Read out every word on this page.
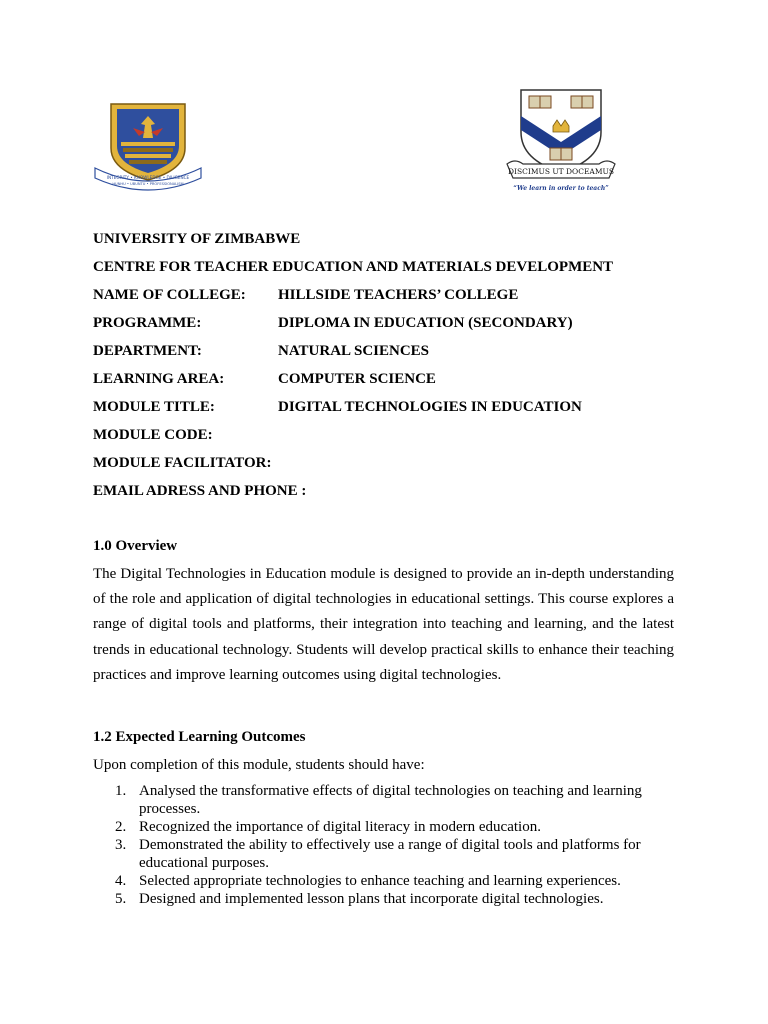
INTEGRITY • KNOWLEDGE • DILIGENCE
HUNHU • UBUNTU • PROFESSIONALISM
DISCIMUS UT DOCEAMUS
“We learn in order to teach”
UNIVERSITY OF ZIMBABWE
CENTRE FOR TEACHER EDUCATION AND MATERIALS DEVELOPMENT
NAME OF COLLEGE: HILLSIDE TEACHERS’ COLLEGE
PROGRAMME:	DIPLOMA IN EDUCATION (SECONDARY)
DEPARTMENT:	NATURAL SCIENCES
LEARNING AREA:	COMPUTER SCIENCE
MODULE TITLE:	DIGITAL TECHNOLOGIES IN EDUCATION
MODULE CODE:
MODULE FACILITATOR:
EMAIL ADRESS AND PHONE :
1.0 Overview

The Digital Technologies in Education module is designed to provide an in-depth understanding of the role and application of digital technologies in educational settings. This course explores a range of digital tools and platforms, their integration into teaching and learning, and the latest trends in educational technology. Students will develop practical skills to enhance their teaching practices and improve learning outcomes using digital technologies.

1.2 Expected Learning Outcomes
Upon completion of this module, students should have:
1. Analysed the transformative effects of digital technologies on teaching and learning processes.
2. Recognized the importance of digital literacy in modern education.
3. Demonstrated the ability to effectively use a range of digital tools and platforms for educational purposes.
4. Selected appropriate technologies to enhance teaching and learning experiences.
5. Designed and implemented lesson plans that incorporate digital technologies.
